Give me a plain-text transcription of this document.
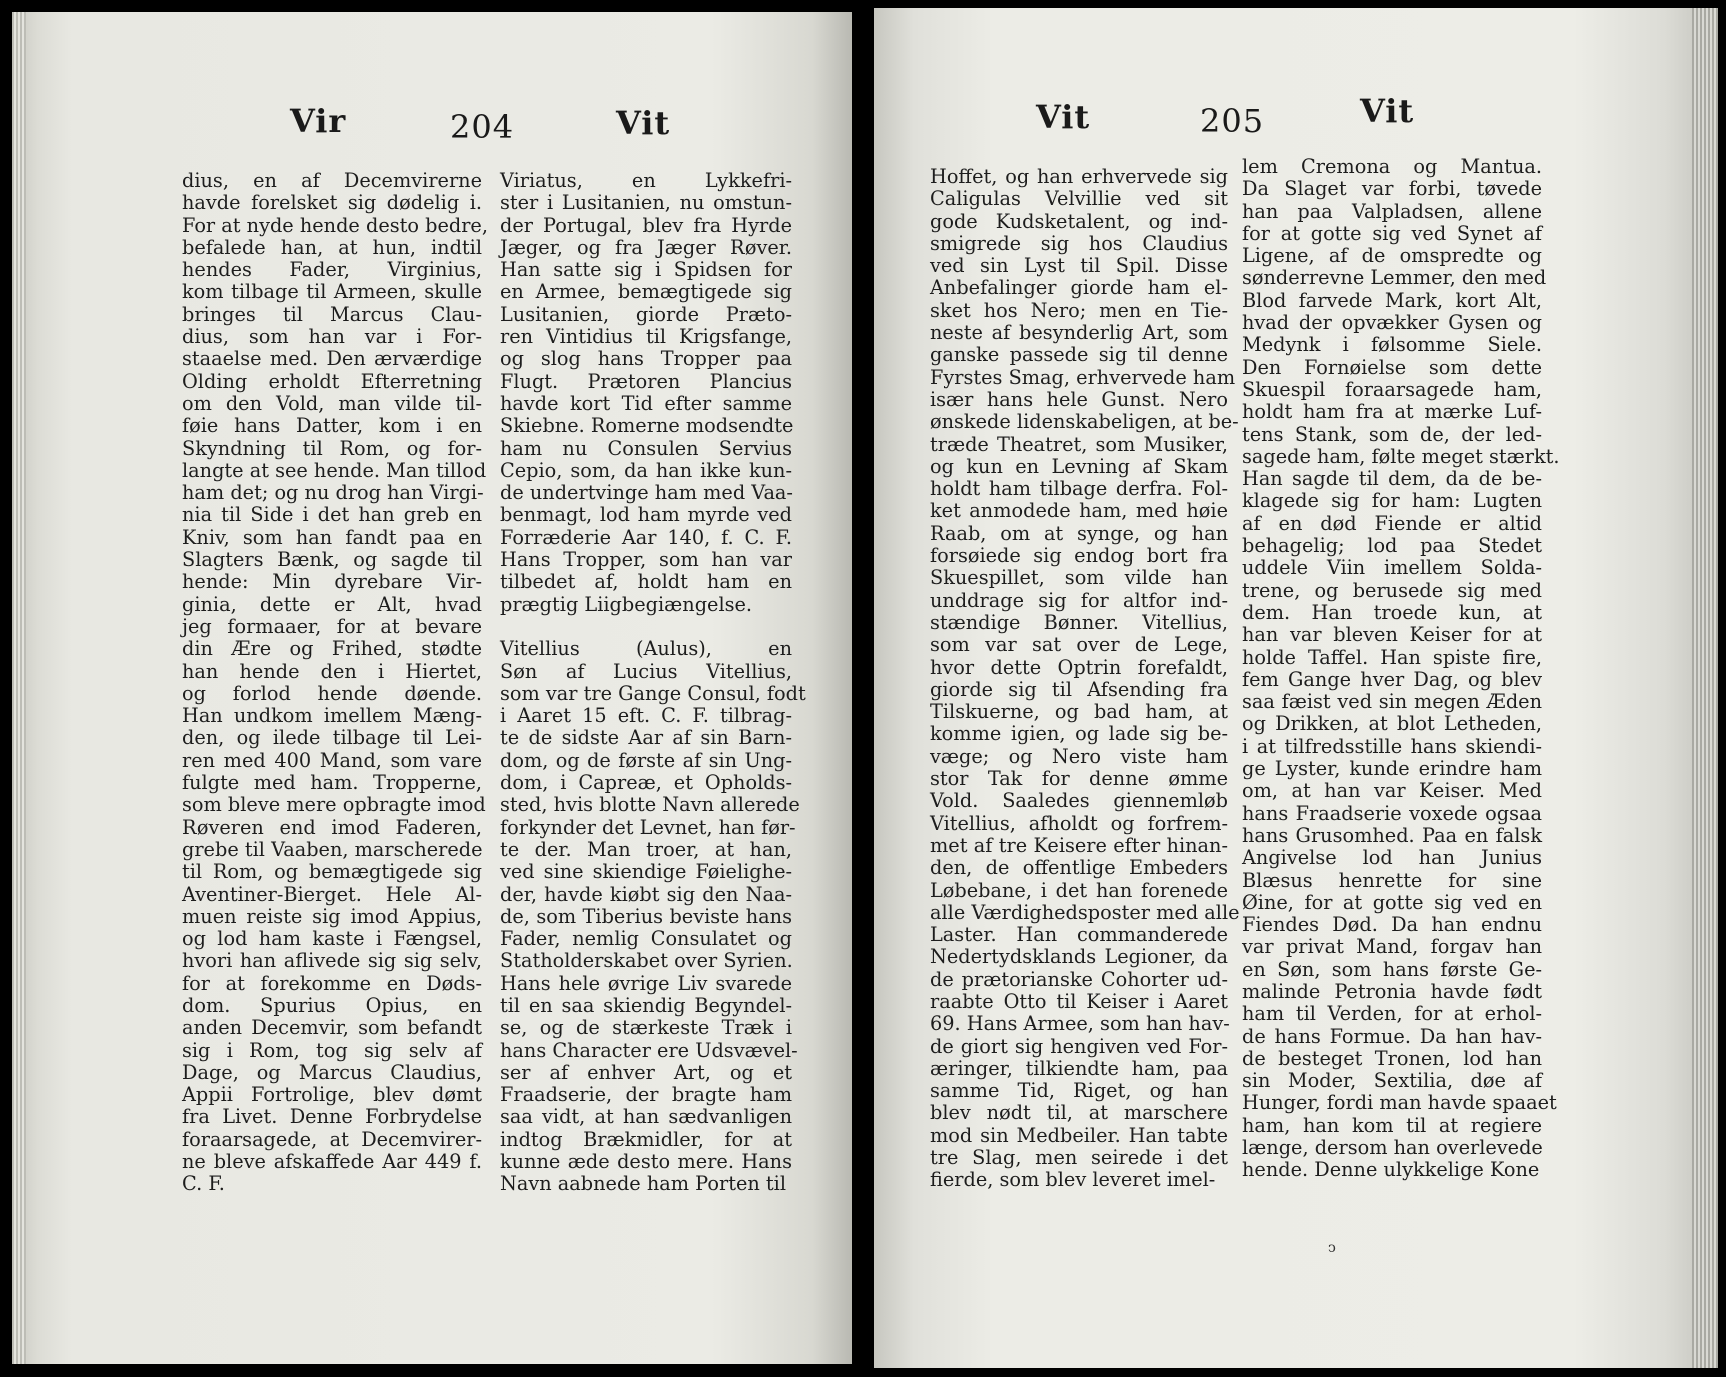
Vir	204	Vit
dius, en af Decemvirerne
havde forelsket sig dødelig i.
For at nyde hende desto bedre,
befalede han, at hun, indtil
hendes Fader, Virginius,
kom tilbage til Armeen, skulle
bringes til Marcus Clau-
dius, som han var i For-
staaelse med. Den ærværdige
Olding erholdt Efterretning
om den Vold, man vilde til-
føie hans Datter, kom i en
Skyndning til Rom, og for-
langte at see hende. Man tillod
ham det; og nu drog han Virgi-
nia til Side i det han greb en
Kniv, som han fandt paa en
Slagters Bænk, og sagde til
hende: Min dyrebare Vir-
ginia, dette er Alt, hvad
jeg formaaer, for at bevare
din Ære og Frihed, stødte
han hende den i Hiertet,
og forlod hende døende.
Han undkom imellem Mæng-
den, og ilede tilbage til Lei-
ren med 400 Mand, som vare
fulgte med ham. Tropperne,
som bleve mere opbragte imod
Røveren end imod Faderen,
grebe til Vaaben, marscherede
til Rom, og bemægtigede sig
Aventiner-Bierget. Hele Al-
muen reiste sig imod Appius,
og lod ham kaste i Fængsel,
hvori han aflivede sig sig selv,
for at forekomme en Døds-
dom. Spurius Opius, en
anden Decemvir, som befandt
sig i Rom, tog sig selv af
Dage, og Marcus Claudius,
Appii Fortrolige, blev dømt
fra Livet. Denne Forbrydelse
foraarsagede, at Decemvirer-
ne bleve afskaffede Aar 449 f.
C. F.
Viriatus, en Lykkefri-
ster i Lusitanien, nu omstun-
der Portugal, blev fra Hyrde
Jæger, og fra Jæger Røver.
Han satte sig i Spidsen for
en Armee, bemægtigede sig
Lusitanien, giorde Præto-
ren Vintidius til Krigsfange,
og slog hans Tropper paa
Flugt. Prætoren Plancius
havde kort Tid efter samme
Skiebne. Romerne modsendte
ham nu Consulen Servius
Cepio, som, da han ikke kun-
de undertvinge ham med Vaa-
benmagt, lod ham myrde ved
Forræderie Aar 140, f. C. F.
Hans Tropper, som han var
tilbedet af, holdt ham en
prægtig Liigbegiængelse.

Vitellius (Aulus), en
Søn af Lucius Vitellius,
som var tre Gange Consul, fodt
i Aaret 15 eft. C. F. tilbrag-
te de sidste Aar af sin Barn-
dom, og de første af sin Ung-
dom, i Capreæ, et Opholds-
sted, hvis blotte Navn allerede
forkynder det Levnet, han før-
te der. Man troer, at han,
ved sine skiendige Føielighe-
der, havde kiøbt sig den Naa-
de, som Tiberius beviste hans
Fader, nemlig Consulatet og
Statholderskabet over Syrien.
Hans hele øvrige Liv svarede
til en saa skiendig Begyndel-
se, og de stærkeste Træk i
hans Character ere Udsvævel-
ser af enhver Art, og et
Fraadserie, der bragte ham
saa vidt, at han sædvanligen
indtog Brækmidler, for at
kunne æde desto mere. Hans
Navn aabnede ham Porten til
Vit	205	Vit
Hoffet, og han erhvervede sig
Caligulas Velvillie ved sit
gode Kudsketalent, og ind-
smigrede sig hos Claudius
ved sin Lyst til Spil. Disse
Anbefalinger giorde ham el-
sket hos Nero; men en Tie-
neste af besynderlig Art, som
ganske passede sig til denne
Fyrstes Smag, erhvervede ham
især hans hele Gunst. Nero
ønskede lidenskabeligen, at be-
træde Theatret, som Musiker,
og kun en Levning af Skam
holdt ham tilbage derfra. Fol-
ket anmodede ham, med høie
Raab, om at synge, og han
forsøiede sig endog bort fra
Skuespillet, som vilde han
unddrage sig for altfor ind-
stændige Bønner. Vitellius,
som var sat over de Lege,
hvor dette Optrin forefaldt,
giorde sig til Afsending fra
Tilskuerne, og bad ham, at
komme igien, og lade sig be-
væge; og Nero viste ham
stor Tak for denne ømme
Vold. Saaledes giennemløb
Vitellius, afholdt og forfrem-
met af tre Keisere efter hinan-
den, de offentlige Embeders
Løbebane, i det han forenede
alle Værdighedsposter med alle
Laster. Han commanderede
Nedertydsklands Legioner, da
de prætorianske Cohorter ud-
raabte Otto til Keiser i Aaret
69. Hans Armee, som han hav-
de giort sig hengiven ved For-
æringer, tilkiendte ham, paa
samme Tid, Riget, og han
blev nødt til, at marschere
mod sin Medbeiler. Han tabte
tre Slag, men seirede i det
fierde, som blev leveret imel-
lem Cremona og Mantua.
Da Slaget var forbi, tøvede
han paa Valpladsen, allene
for at gotte sig ved Synet af
Ligene, af de omspredte og
sønderrevne Lemmer, den med
Blod farvede Mark, kort Alt,
hvad der opvækker Gysen og
Medynk i følsomme Siele.
Den Fornøielse som dette
Skuespil foraarsagede ham,
holdt ham fra at mærke Luf-
tens Stank, som de, der led-
sagede ham, følte meget stærkt.
Han sagde til dem, da de be-
klagede sig for ham: Lugten
af en død Fiende er altid
behagelig; lod paa Stedet
uddele Viin imellem Solda-
trene, og berusede sig med
dem. Han troede kun, at
han var bleven Keiser for at
holde Taffel. Han spiste fire,
fem Gange hver Dag, og blev
saa fæist ved sin megen Æden
og Drikken, at blot Letheden,
i at tilfredsstille hans skiendi-
ge Lyster, kunde erindre ham
om, at han var Keiser. Med
hans Fraadserie voxede ogsaa
hans Grusomhed. Paa en falsk
Angivelse lod han Junius
Blæsus henrette for sine
Øine, for at gotte sig ved en
Fiendes Død. Da han endnu
var privat Mand, forgav han
en Søn, som hans første Ge-
malinde Petronia havde født
ham til Verden, for at erhol-
de hans Formue. Da han hav-
de besteget Tronen, lod han
sin Moder, Sextilia, døe af
Hunger, fordi man havde spaaet
ham, han kom til at regiere
længe, dersom han overlevede
hende. Denne ulykkelige Kone
ↄ
